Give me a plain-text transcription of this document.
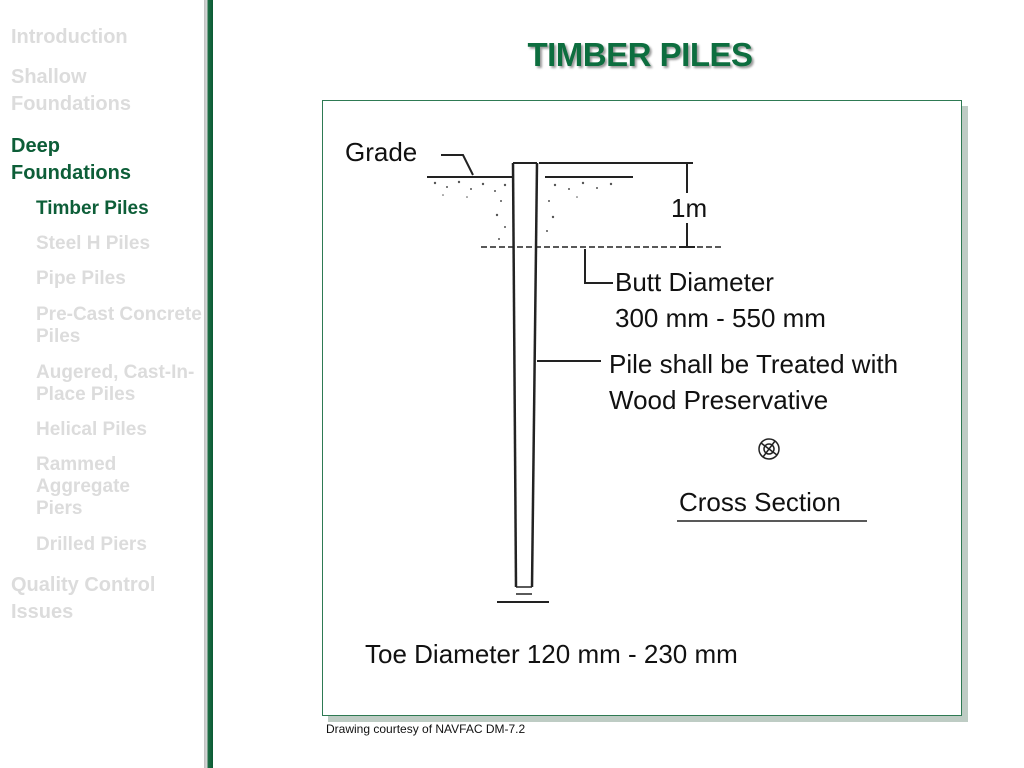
Introduction
Shallow Foundations
Deep Foundations
Timber Piles
Steel H Piles
Pipe Piles
Pre-Cast Concrete Piles
Augered, Cast-In-Place Piles
Helical Piles
Rammed Aggregate Piers
Drilled Piers
Quality Control Issues
TIMBER PILES
Grade
1m
Butt Diameter
300 mm - 550 mm
Pile shall be Treated with
Wood Preservative
Cross Section
Toe Diameter 120 mm - 230 mm
Drawing courtesy of NAVFAC DM-7.2
